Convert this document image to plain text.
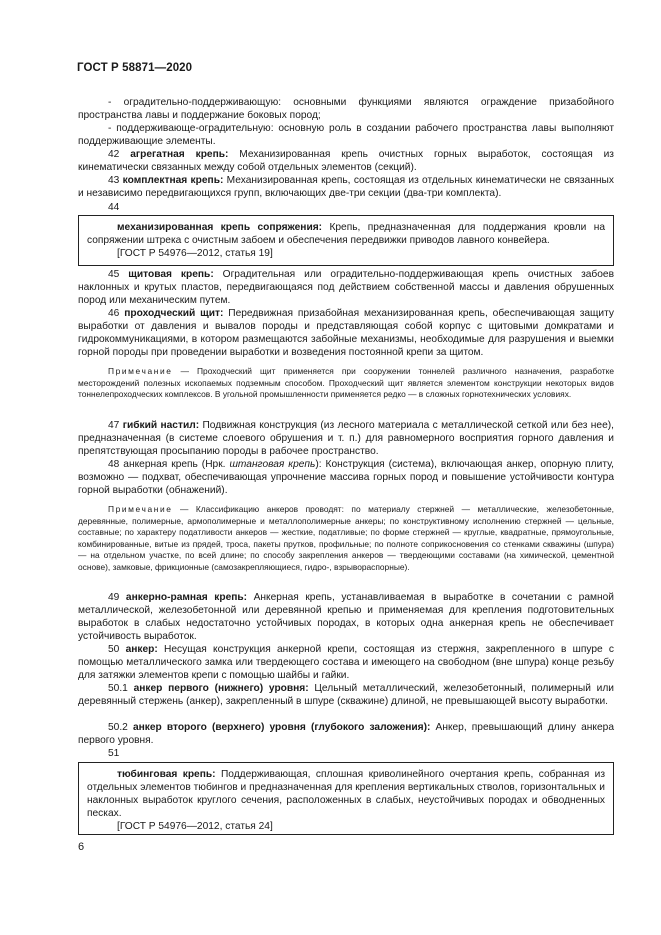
ГОСТ Р 58871—2020

- оградительно-поддерживающую: основными функциями являются ограждение призабойного пространства лавы и поддержание боковых пород;

- поддерживающе-оградительную: основную роль в создании рабочего пространства лавы выполняют поддерживающие элементы.

42 агрегатная крепь: Механизированная крепь очистных горных выработок, состоящая из кинематически связанных между собой отдельных элементов (секций).
43 комплектная крепь: Механизированная крепь, состоящая из отдельных кинематически не связанных и независимо передвигающихся групп, включающих две-три секции (два-три комплекта).
44

механизированная крепь сопряжения: Крепь, предназначенная для поддержания кровли на сопряжении штрека с очистным забоем и обеспечения передвижки приводов лавного конвейера.

[ГОСТ Р 54976—2012, статья 19]

45 щитовая крепь: Оградительная или оградительно-поддерживающая крепь очистных забоев наклонных и крутых пластов, передвигающаяся под действием собственной массы и давления обрушенных пород или механическим путем.
46 проходческий щит: Передвижная призабойная механизированная крепь, обеспечивающая защиту выработки от давления и вывалов породы и представляющая собой корпус с щитовыми домкратами и гидрокоммуникациями, в котором размещаются забойные механизмы, необходимые для разрушения и выемки горной породы при проведении выработки и возведения постоянной крепи за щитом.
Примечание — Проходческий щит применяется при сооружении тоннелей различного назначения, разработке месторождений полезных ископаемых подземным способом. Проходческий щит является элементом конструкции некоторых видов тоннелепроходческих комплексов. В угольной промышленности применяется редко — в сложных горнотехнических условиях.
47 гибкий настил: Подвижная конструкция (из лесного материала с металлической сеткой или без нее), предназначенная (в системе слоевого обрушения и т. п.) для равномерного восприятия горного давления и препятствующая просыпанию породы в рабочее пространство.
48 анкерная крепь (Нрк. штанговая крепь): Конструкция (система), включающая анкер, опорную плиту, возможно — подхват, обеспечивающая упрочнение массива горных пород и повышение устойчивости контура горной выработки (обнажений).
Примечание — Классификацию анкеров проводят: по материалу стержней — металлические, железобетонные, деревянные, полимерные, армополимерные и металлополимерные анкеры; по конструктивному исполнению стержней — цельные, составные; по характеру податливости анкеров — жесткие, податливые; по форме стержней — круглые, квадратные, прямоугольные, комбинированные, витые из прядей, троса, пакеты прутков, профильные; по полноте соприкосновения со стенками скважины (шпура) — на отдельном участке, по всей длине; по способу закрепления анкеров — твердеющими составами (на химической, цементной основе), замковые, фрикционные (самозакрепляющиеся, гидро-, взрывораспорные).
49 анкерно-рамная крепь: Анкерная крепь, устанавливаемая в выработке в сочетании с рамной металлической, железобетонной или деревянной крепью и применяемая для крепления подготовительных выработок в слабых недостаточно устойчивых породах, в которых одна анкерная крепь не обеспечивает устойчивость выработок.
50 анкер: Несущая конструкция анкерной крепи, состоящая из стержня, закрепленного в шпуре с помощью металлического замка или твердеющего состава и имеющего на свободном (вне шпура) конце резьбу для затяжки элементов крепи с помощью шайбы и гайки.
50.1 анкер первого (нижнего) уровня: Цельный металлический, железобетонный, полимерный или деревянный стержень (анкер), закрепленный в шпуре (скважине) длиной, не превышающей высоту выработки.
50.2 анкер второго (верхнего) уровня (глубокого заложения): Анкер, превышающий длину анкера первого уровня.
51

тюбинговая крепь: Поддерживающая, сплошная криволинейного очертания крепь, собранная из отдельных элементов тюбингов и предназначенная для крепления вертикальных стволов, горизонтальных и наклонных выработок круглого сечения, расположенных в слабых, неустойчивых породах и обводненных песках.

[ГОСТ Р 54976—2012, статья 24]

6
